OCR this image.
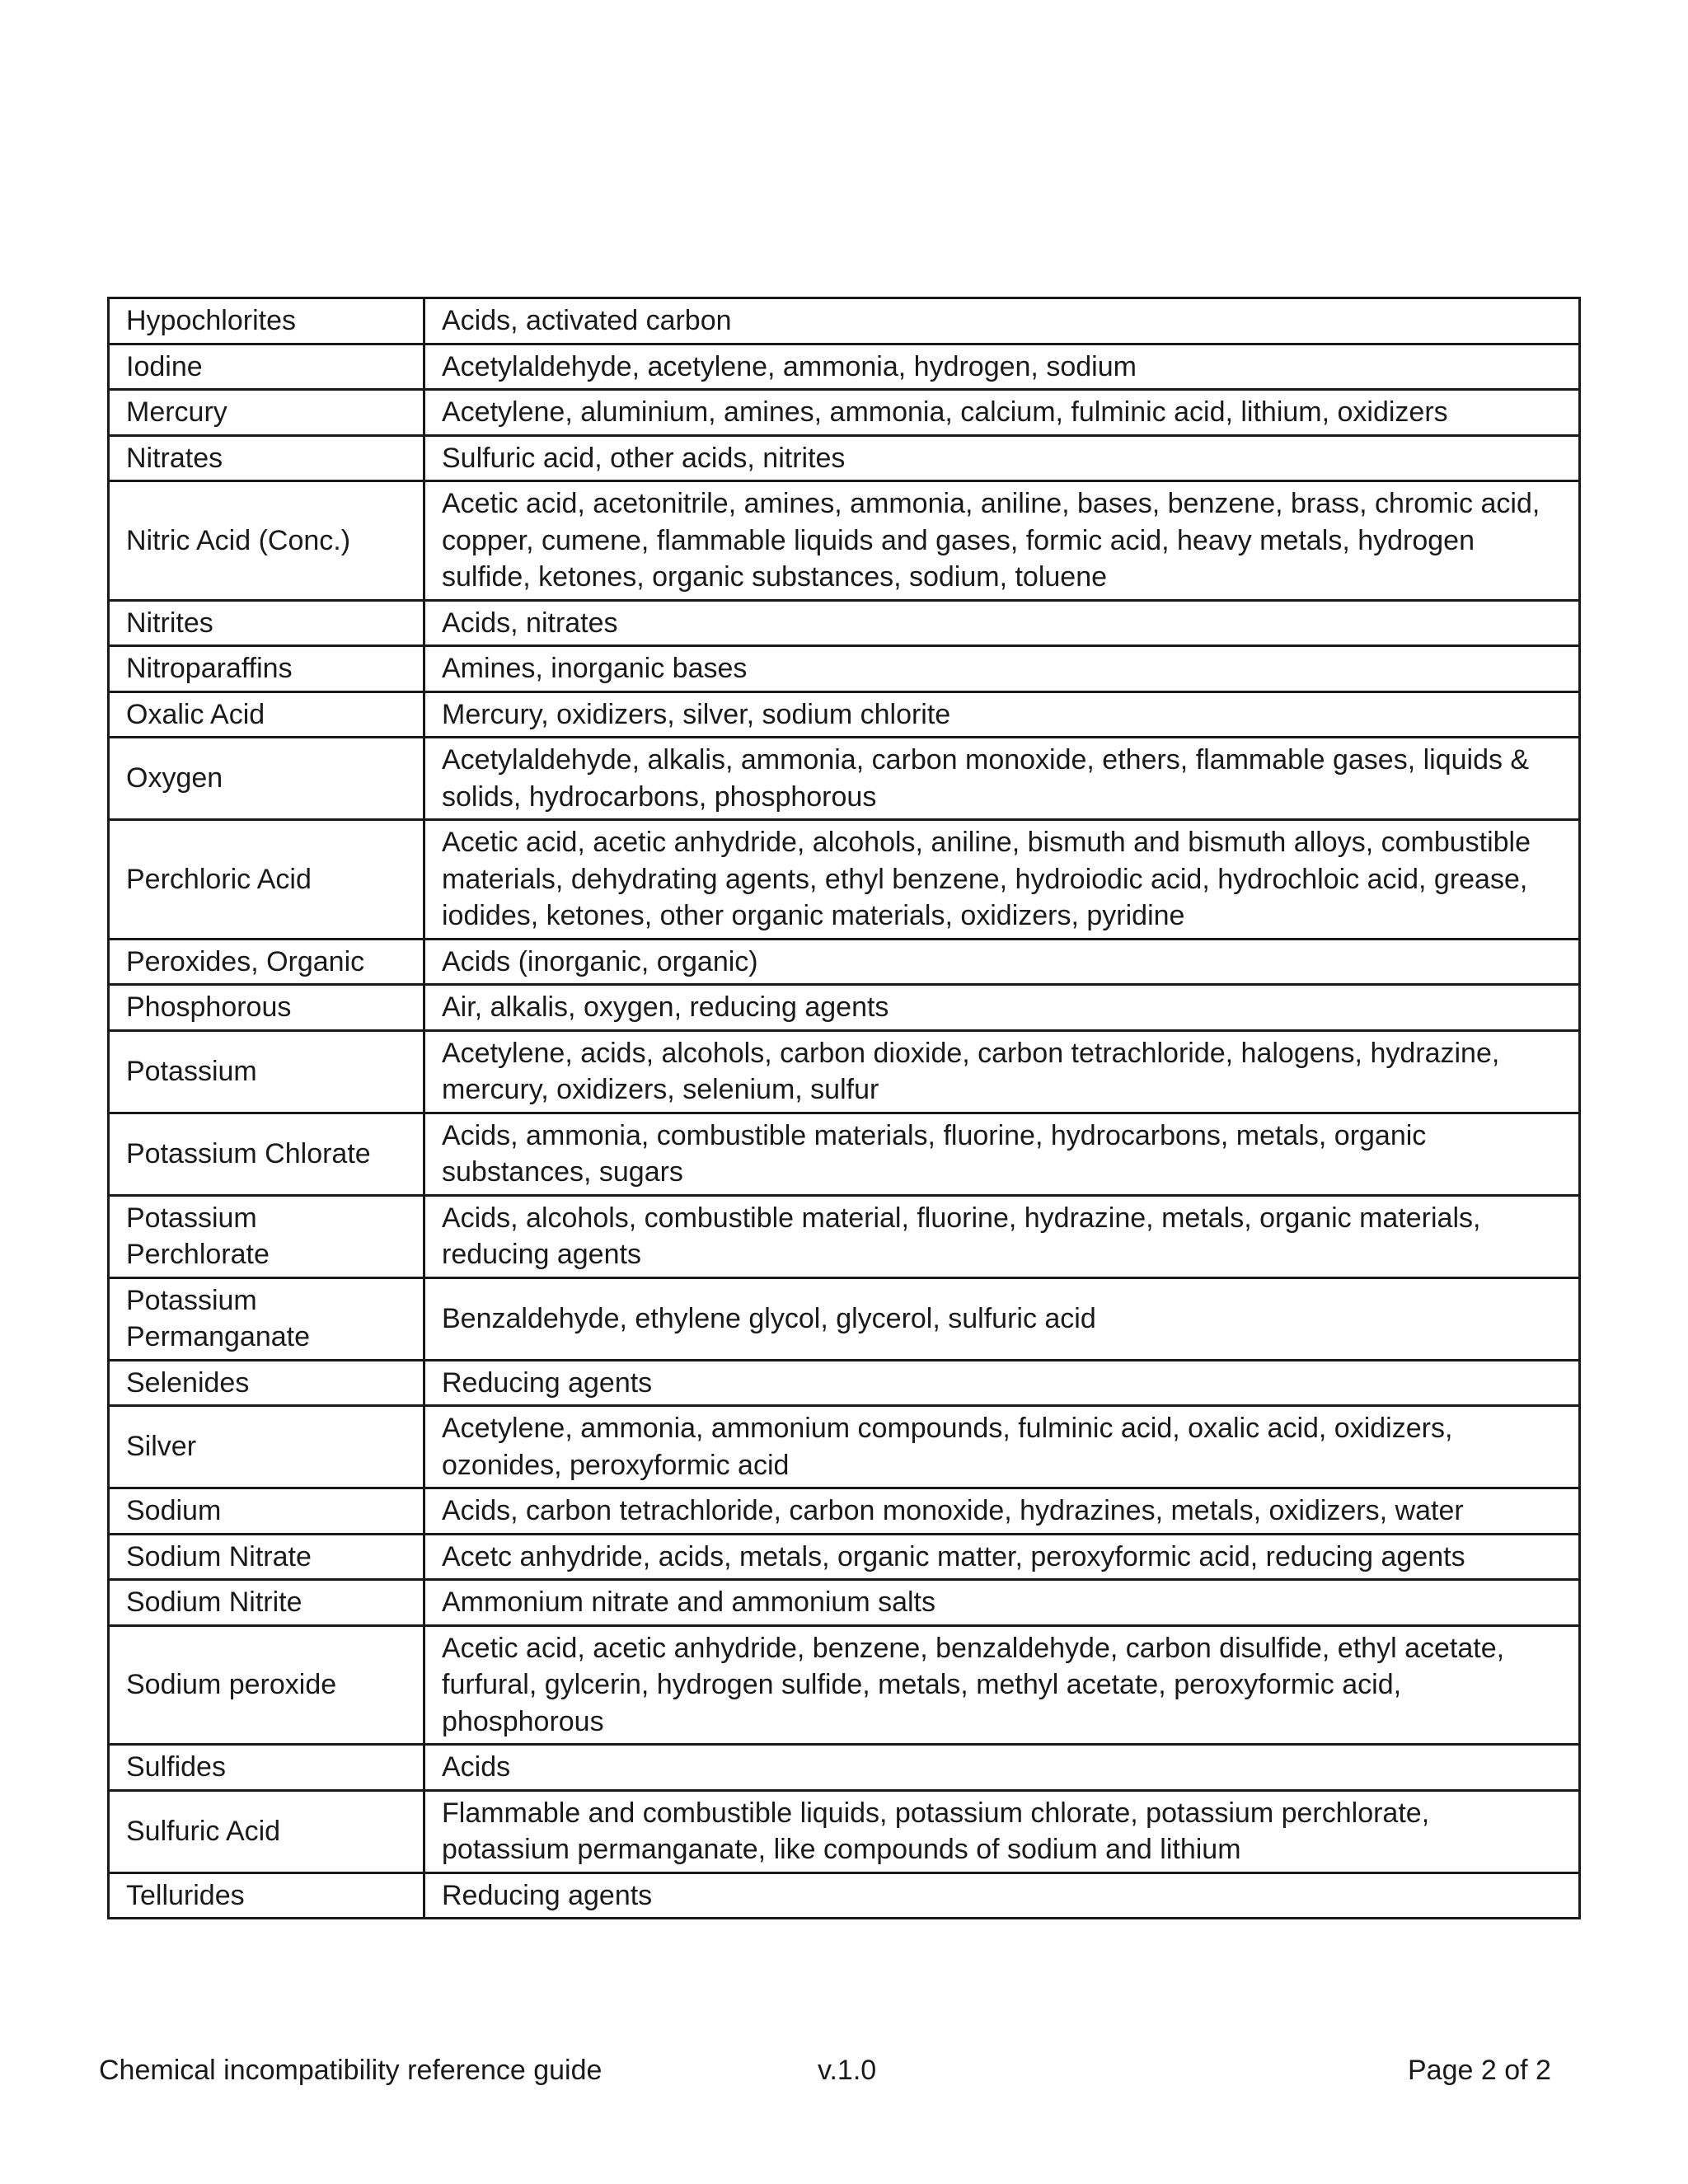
Hypochlorites	Acids, activated carbon
Iodine	Acetylaldehyde, acetylene, ammonia, hydrogen, sodium
Mercury	Acetylene, aluminium, amines, ammonia, calcium, fulminic acid, lithium, oxidizers
Nitrates	Sulfuric acid, other acids, nitrites
Nitric Acid (Conc.)	Acetic acid, acetonitrile, amines, ammonia, aniline, bases, benzene, brass, chromic acid, copper, cumene, flammable liquids and gases, formic acid, heavy metals, hydrogen sulfide, ketones, organic substances, sodium, toluene
Nitrites	Acids, nitrates
Nitroparaffins	Amines, inorganic bases
Oxalic Acid	Mercury, oxidizers, silver, sodium chlorite
Oxygen	Acetylaldehyde, alkalis, ammonia, carbon monoxide, ethers, flammable gases, liquids & solids, hydrocarbons, phosphorous
Perchloric Acid	Acetic acid, acetic anhydride, alcohols, aniline, bismuth and bismuth alloys, combustible materials, dehydrating agents, ethyl benzene, hydroiodic acid, hydrochloic acid, grease, iodides, ketones, other organic materials, oxidizers, pyridine
Peroxides, Organic	Acids (inorganic, organic)
Phosphorous	Air, alkalis, oxygen, reducing agents
Potassium	Acetylene, acids, alcohols, carbon dioxide, carbon tetrachloride, halogens, hydrazine, mercury, oxidizers, selenium, sulfur
Potassium Chlorate	Acids, ammonia, combustible materials, fluorine, hydrocarbons, metals, organic substances, sugars
Potassium Perchlorate	Acids, alcohols, combustible material, fluorine, hydrazine, metals, organic materials, reducing agents
Potassium Permanganate	Benzaldehyde, ethylene glycol, glycerol, sulfuric acid
Selenides	Reducing agents
Silver	Acetylene, ammonia, ammonium compounds, fulminic acid, oxalic acid, oxidizers, ozonides, peroxyformic acid
Sodium	Acids, carbon tetrachloride, carbon monoxide, hydrazines, metals, oxidizers, water
Sodium Nitrate	Acetc anhydride, acids, metals, organic matter, peroxyformic acid, reducing agents
Sodium Nitrite	Ammonium nitrate and ammonium salts
Sodium peroxide	Acetic acid, acetic anhydride, benzene, benzaldehyde, carbon disulfide, ethyl acetate, furfural, gylcerin, hydrogen sulfide, metals, methyl acetate, peroxyformic acid, phosphorous
Sulfides	Acids
Sulfuric Acid	Flammable and combustible liquids, potassium chlorate, potassium perchlorate, potassium permanganate, like compounds of sodium and lithium
Tellurides	Reducing agents
Chemical incompatibility reference guide	v.1.0	Page 2 of 2
